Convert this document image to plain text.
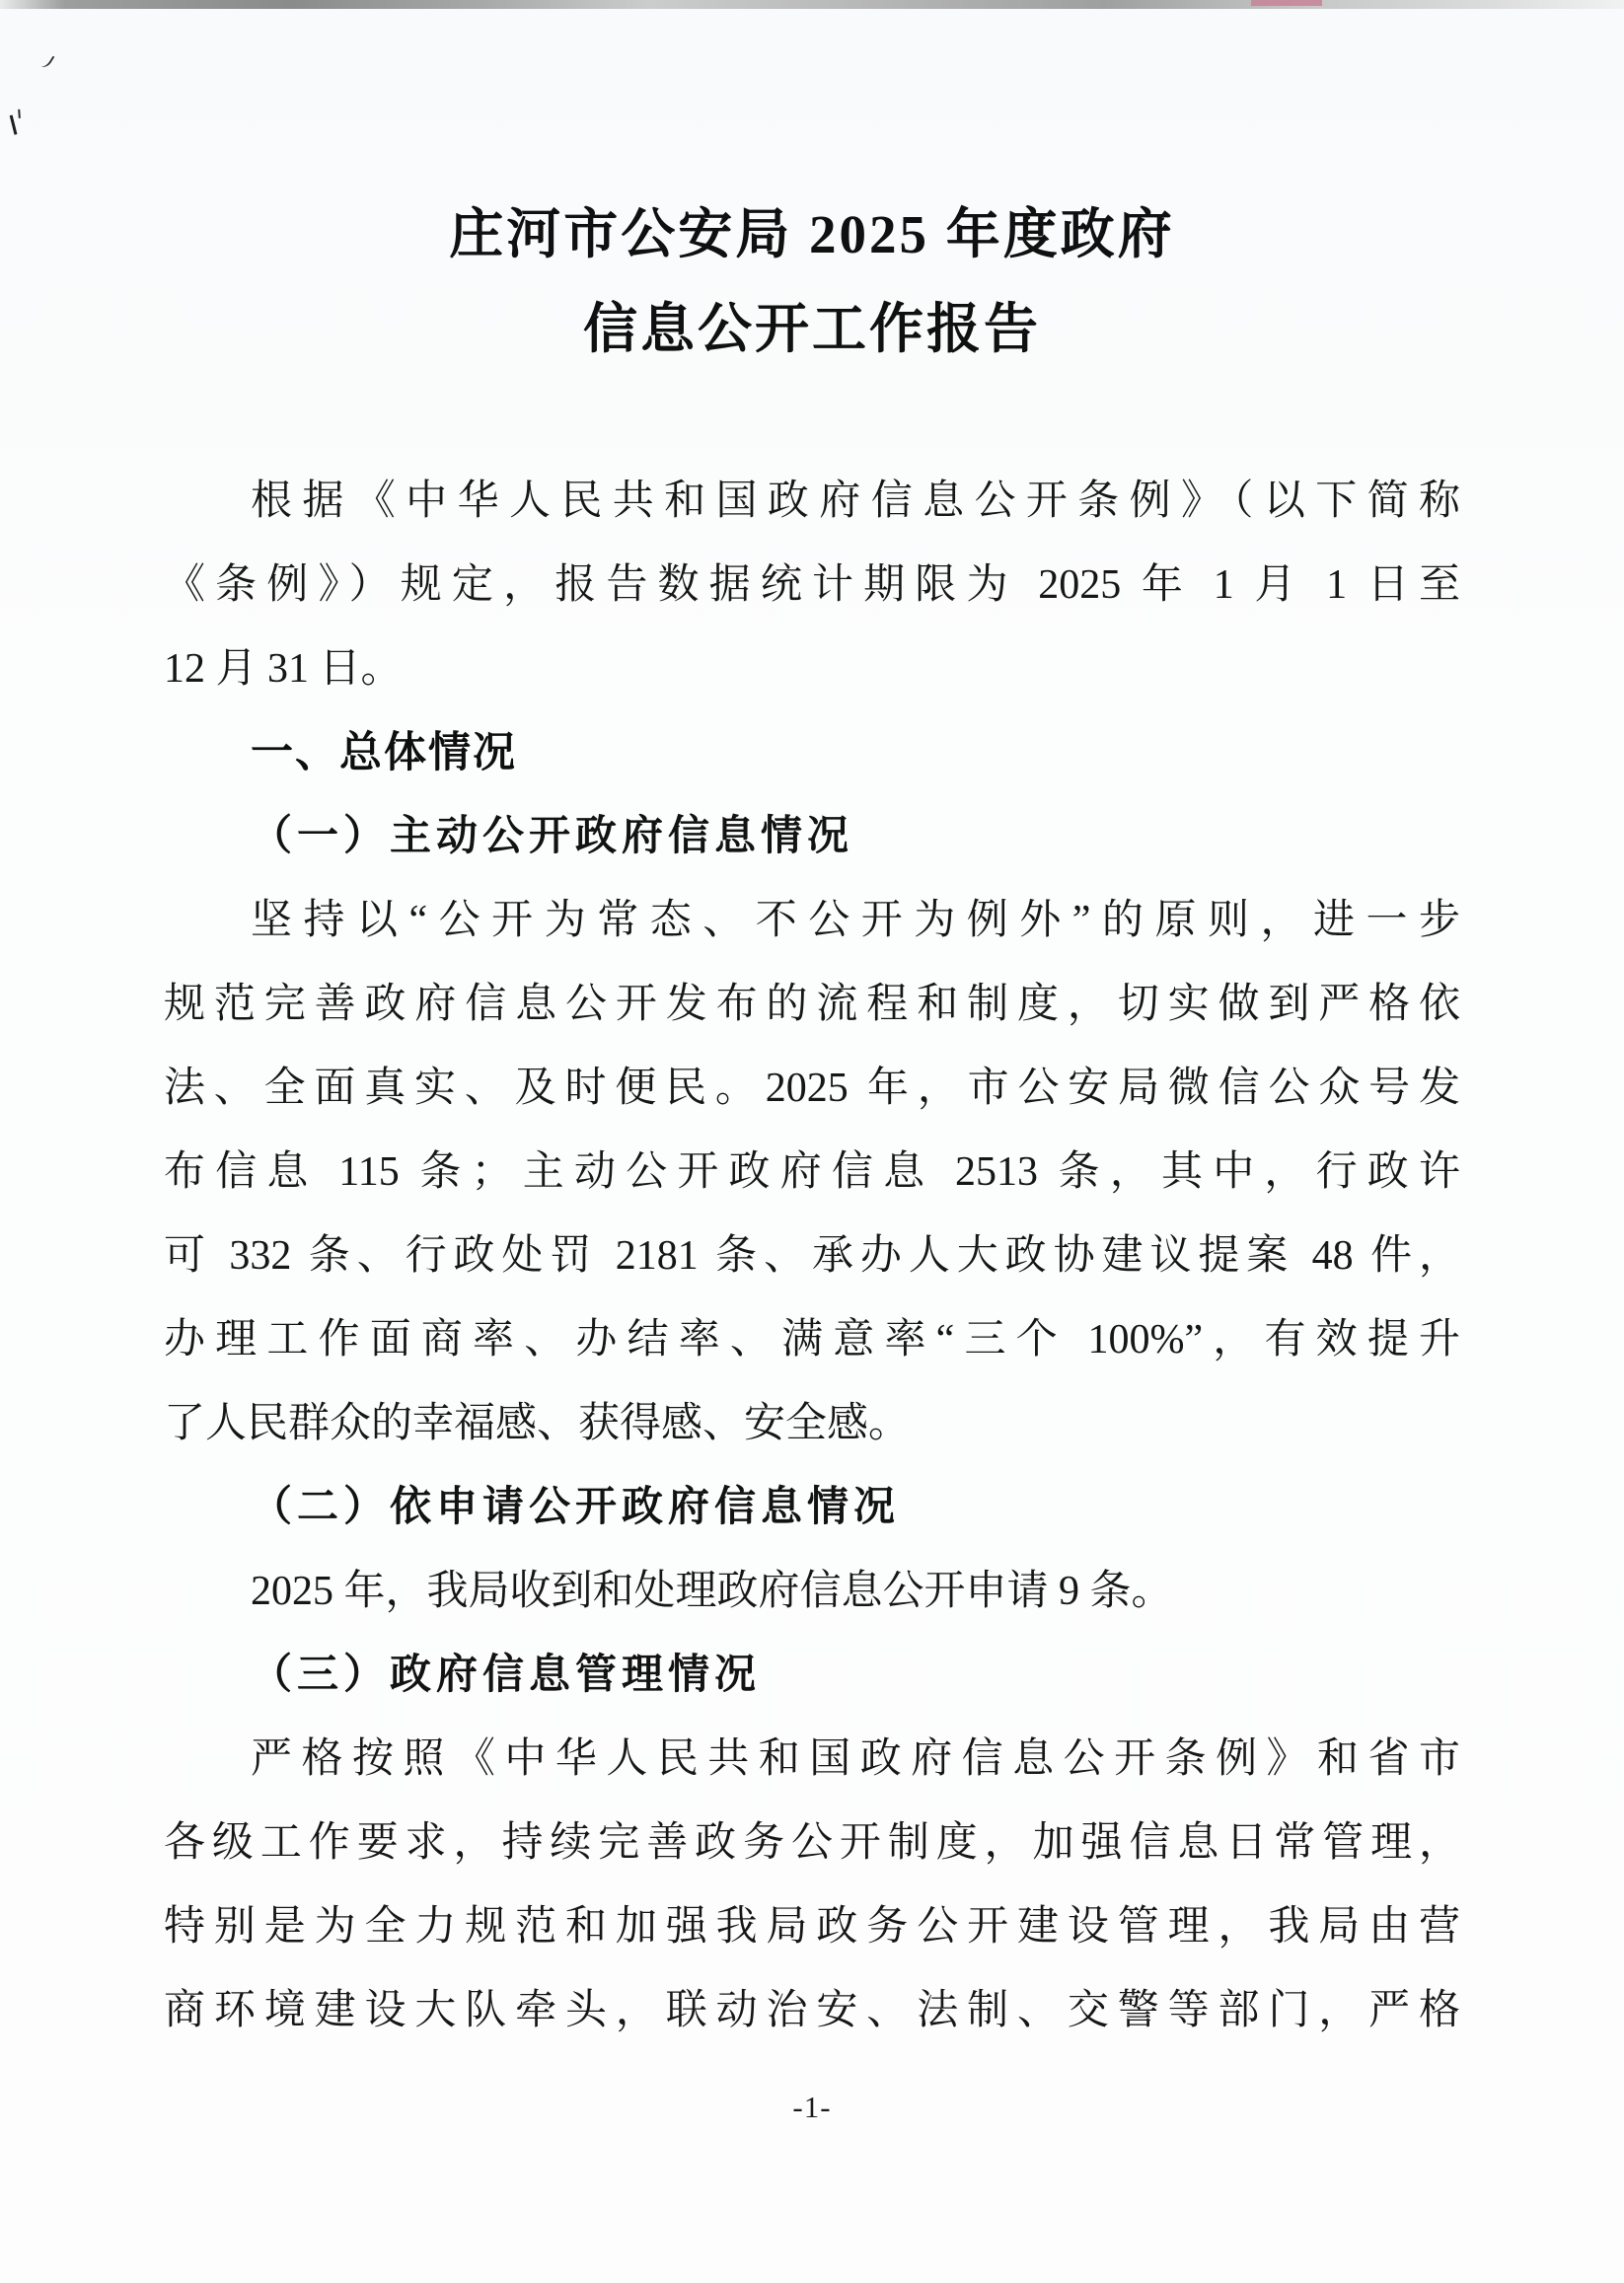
庄河市公安局 2025 年度政府
信息公开工作报告
根据《中华人民共和国政府信息公开条例》（以下简称
《条例》）规定，报告数据统计期限为 2025 年 1 月 1 日至
12 月 31 日。
一、总体情况
（一）主动公开政府信息情况
坚持以“公开为常态、不公开为例外”的原则，进一步
规范完善政府信息公开发布的流程和制度，切实做到严格依
法、全面真实、及时便民。2025 年，市公安局微信公众号发
布信息 115 条；主动公开政府信息 2513 条，其中，行政许
可 332 条、行政处罚 2181 条、承办人大政协建议提案 48 件，
办理工作面商率、办结率、满意率“三个 100%”，有效提升
了人民群众的幸福感、获得感、安全感。
（二）依申请公开政府信息情况
2025 年，我局收到和处理政府信息公开申请 9 条。
（三）政府信息管理情况
严格按照《中华人民共和国政府信息公开条例》和省市
各级工作要求，持续完善政务公开制度，加强信息日常管理，
特别是为全力规范和加强我局政务公开建设管理，我局由营
商环境建设大队牵头，联动治安、法制、交警等部门，严格
-1-
